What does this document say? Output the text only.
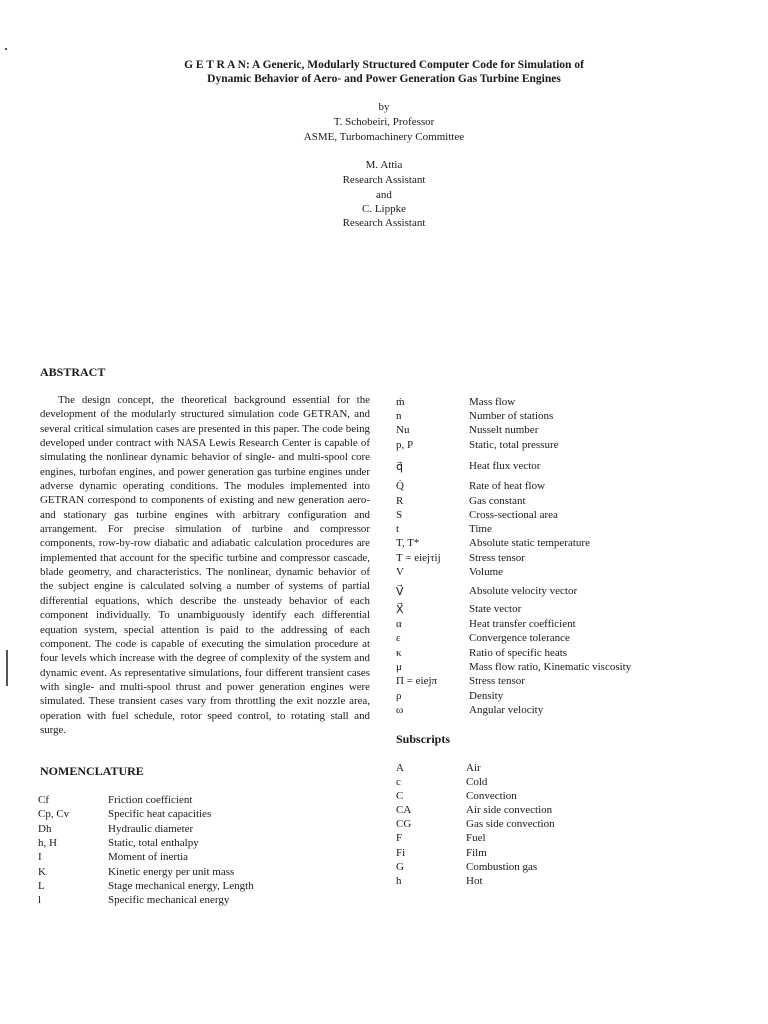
G E T R A N: A Generic, Modularly Structured Computer Code for Simulation of
Dynamic Behavior of Aero- and Power Generation Gas Turbine Engines
by
T. Schobeiri, Professor
ASME, Turbomachinery Committee
M. Attia
Research Assistant
and
C. Lippke
Research Assistant
ABSTRACT

The design concept, the theoretical background essential for the development of the modularly structured simulation code GETRAN, and several critical simulation cases are presented in this paper. The code being developed under contract with NASA Lewis Research Center is capable of simulating the nonlinear dynamic behavior of single- and multi-spool core engines, turbofan engines, and power generation gas turbine engines under adverse dynamic operating conditions. The modules implemented into GETRAN correspond to components of existing and new generation aero- and stationary gas turbine engines with arbitrary configuration and arrangement. For precise simulation of turbine and compressor components, row-by-row diabatic and adiabatic calculation procedures are implemented that account for the specific turbine and compressor cascade, blade geometry, and characteristics. The nonlinear, dynamic behavior of the subject engine is calculated solving a number of systems of partial differential equations, which describe the unsteady behavior of each component individually. To unambiguously identify each differential equation system, special attention is paid to the addressing of each component. The code is capable of executing the simulation procedure at four levels which increase with the degree of complexity of the system and dynamic event. As representative simulations, four different transient cases with single- and multi-spool thrust and power generation engines were simulated. These transient cases vary from throttling the exit nozzle area, operation with fuel schedule, rotor speed control, to rotating stall and surge.

NOMENCLATURE
Cf	Friction coefficient
Cp, Cv	Specific heat capacities
Dh	Hydraulic diameter
h, H	Static, total enthalpy
I	Moment of inertia
K	Kinetic energy per unit mass
L	Stage mechanical energy, Length
l	Specific mechanical energy
ṁ	Mass flow
n	Number of stations
Nu	Nusselt number
p, P	Static, total pressure
q⃗	Heat flux vector
Q̇	Rate of heat flow
R	Gas constant
S	Cross-sectional area
t	Time
T, T*	Absolute static temperature
T = eiejτij	Stress tensor
V	Volume
V⃗	Absolute velocity vector
X⃗	State vector
α	Heat transfer coefficient
ε	Convergence tolerance
κ	Ratio of specific heats
μ	Mass flow ratio, Kinematic viscosity
Π = eiejπ	Stress tensor
ρ	Density
ω	Angular velocity
Subscripts
A	Air
c	Cold
C	Convection
CA	Air side convection
CG	Gas side convection
F	Fuel
Fi	Film
G	Combustion gas
h	Hot
